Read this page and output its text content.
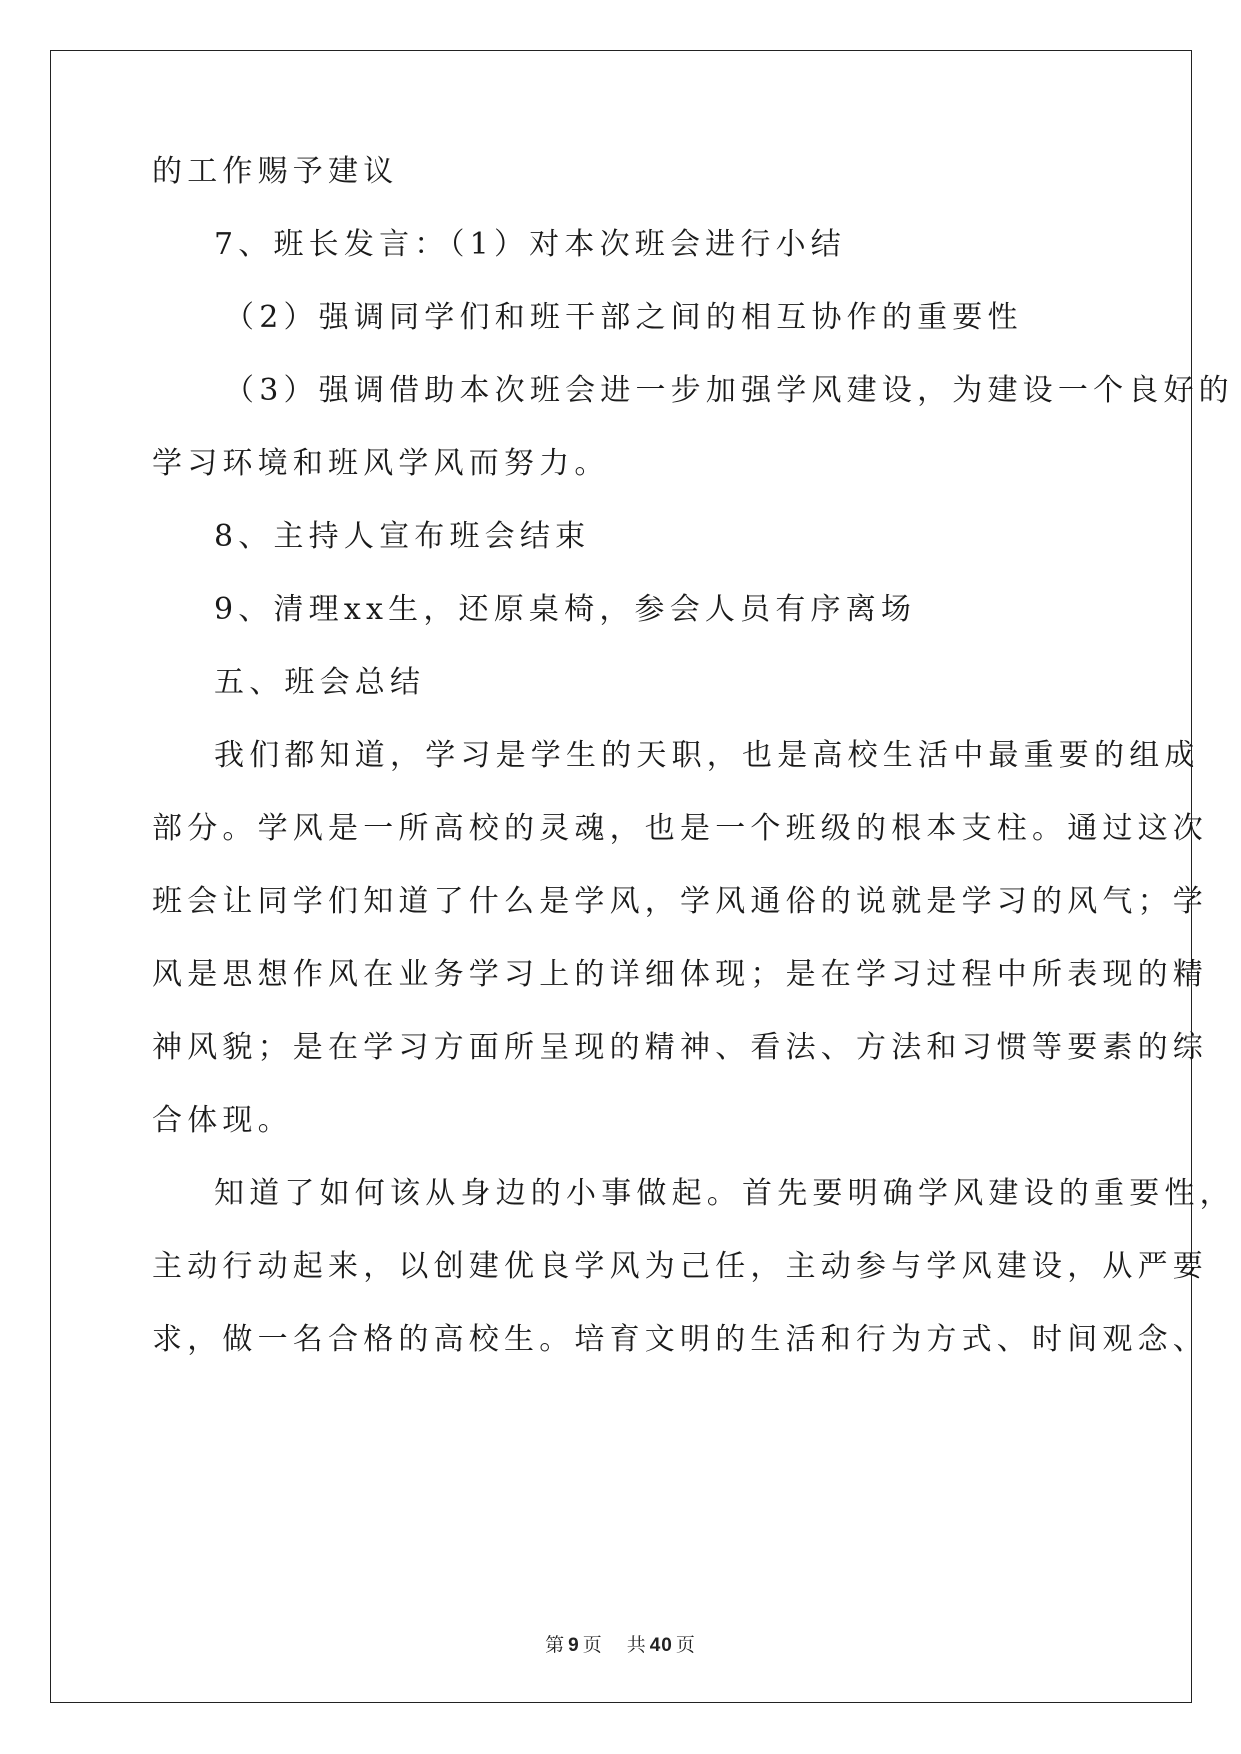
的工作赐予建议
7、班长发言：（1）对本次班会进行小结
（2）强调同学们和班干部之间的相互协作的重要性
（3）强调借助本次班会进一步加强学风建设，为建设一个良好的
学习环境和班风学风而努力。
8、主持人宣布班会结束
9、清理xx生，还原桌椅，参会人员有序离场
五、班会总结
我们都知道，学习是学生的天职，也是高校生活中最重要的组成
部分。学风是一所高校的灵魂，也是一个班级的根本支柱。通过这次
班会让同学们知道了什么是学风，学风通俗的说就是学习的风气；学
风是思想作风在业务学习上的详细体现；是在学习过程中所表现的精
神风貌；是在学习方面所呈现的精神、看法、方法和习惯等要素的综
合体现。
知道了如何该从身边的小事做起。首先要明确学风建设的重要性，
主动行动起来，以创建优良学风为己任，主动参与学风建设，从严要
求，做一名合格的高校生。培育文明的生活和行为方式、时间观念、
第 9 页 共 40 页
